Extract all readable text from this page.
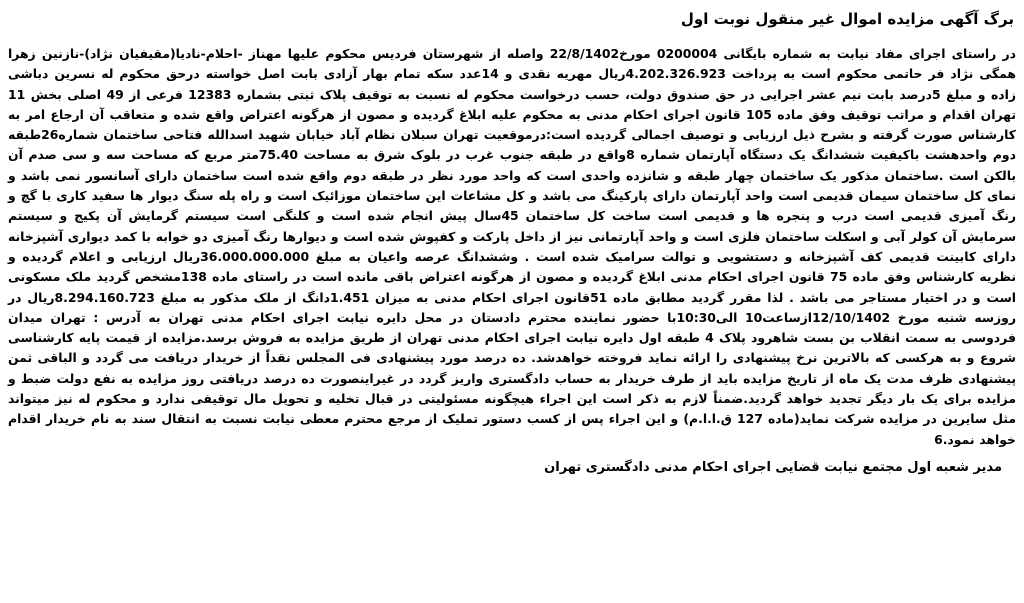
برگ آگهی مزایده اموال غیر منقول نوبت اول

در راستای اجرای مفاد نیابت به شماره بایگانی 0200004 مورخ22/8/1402 واصله از شهرستان فردیس محکوم علیها مهناز -احلام-نادیا(مقیفیان نژاد)-نازنین زهرا همگی نژاد فر حاتمی محکوم است به پرداخت 4.202.326.923ریال مهریه نقدی و 14عدد سکه تمام بهار آزادی بابت اصل خواسته درحق محکوم له نسرین دباشی زاده و مبلغ 5درصد بابت نیم عشر اجرایی در حق صندوق دولت، حسب درخواست محکوم له نسبت به توقیف پلاک ثبتی بشماره 12383 فرعی از 49 اصلی بخش 11 تهران اقدام و مراتب توقیف وفق ماده 105 قانون اجرای احکام مدنی به محکوم علیه ابلاغ گردیده و مصون از هرگونه اعتراض واقع شده و متعاقب آن ارجاع امر به کارشناس صورت گرفته و بشرح ذیل ارزیابی و توصیف اجمالی گردیده است:درموقعیت تهران سبلان نظام آباد خیابان شهید اسدالله فتاحی ساختمان شماره26طبقه دوم واحدهشت باکیفیت ششدانگ یک دستگاه آپارتمان شماره 8واقع در طبقه جنوب غرب در بلوک شرق به مساحت 75.40متر مربع که مساحت سه و سی صدم آن بالکن است .ساختمان مذکور یک ساختمان چهار طبقه و شانزده واحدی است که واحد مورد نظر در طبقه دوم واقع شده است ساختمان دارای آسانسور نمی باشد و نمای کل ساختمان سیمان قدیمی است واحد آپارتمان دارای پارکینگ می باشد و کل مشاعات این ساختمان موزائیک است و راه پله سنگ دیوار ها سفید کاری با گچ و رنگ آمیزی قدیمی است درب و پنجره ها و قدیمی است ساخت کل ساختمان 45سال پیش انجام شده است و کلنگی است سیستم گرمایش آن پکیج و سیستم سرمایش آن کولر آبی و اسکلت ساختمان فلزی است و واحد آپارتمانی نیز از داخل پارکت و کفپوش شده است و دیوارها رنگ آمیزی دو خوابه با کمد دیواری آشپزخانه دارای کابینت قدیمی کف آشپزخانه و دستشویی و توالت سرامیک شده است . وششدانگ عرصه واعیان به مبلغ 36.000.000.000ریال ارزیابی و اعلام گردیده و نظریه کارشناس وفق ماده 75 قانون اجرای احکام مدنی ابلاغ گردیده و مصون از هرگونه اعتراض باقی مانده است در راستای ماده 138مشخص گردید ملک مسکونی است و در اختیار مستاجر می باشد . لذا مقرر گردید مطابق ماده 51قانون اجرای احکام مدنی به میزان 1.451دانگ از ملک مذکور به مبلغ 8.294.160.723ریال در روزسه شنبه مورخ 12/10/1402ازساعت10 الی10:30با حضور نماینده محترم دادستان در محل دایره نیابت اجرای احکام مدنی تهران به آدرس : تهران میدان فردوسی به سمت انقلاب بن بست شاهرود پلاک 4 طبقه اول دایره نیابت اجرای احکام مدنی تهران از طریق مزایده به فروش برسد.مزایده از قیمت پایه کارشناسی شروع و به هرکسی که بالاترین نرخ پیشنهادی را ارائه نماید فروخته خواهدشد. ده درصد مورد پیشنهادی فی المجلس نقداً از خریدار دریافت می گردد و الباقی ثمن پیشنهادی ظرف مدت یک ماه از تاریخ مزایده باید از طرف خریدار به حساب دادگستری واریز گردد در غیراینصورت ده درصد دریافتی روز مزایده به نفع دولت ضبط و مزایده برای یک بار دیگر تجدید خواهد گردید.ضمناً لازم به ذکر است این اجراء هیچگونه مسئولیتی در قبال تخلیه و تحویل مال توقیفی ندارد و محکوم له نیز میتواند مثل سایرین در مزایده شرکت نماید(ماده 127 ق.ا.ا.م) و این اجراء پس از کسب دستور تملیک از مرجع محترم معطی نیابت نسبت به انتقال سند به نام خریدار اقدام خواهد نمود.6

مدیر شعبه اول مجتمع نیابت قضایی اجرای احکام مدنی دادگستری تهران
